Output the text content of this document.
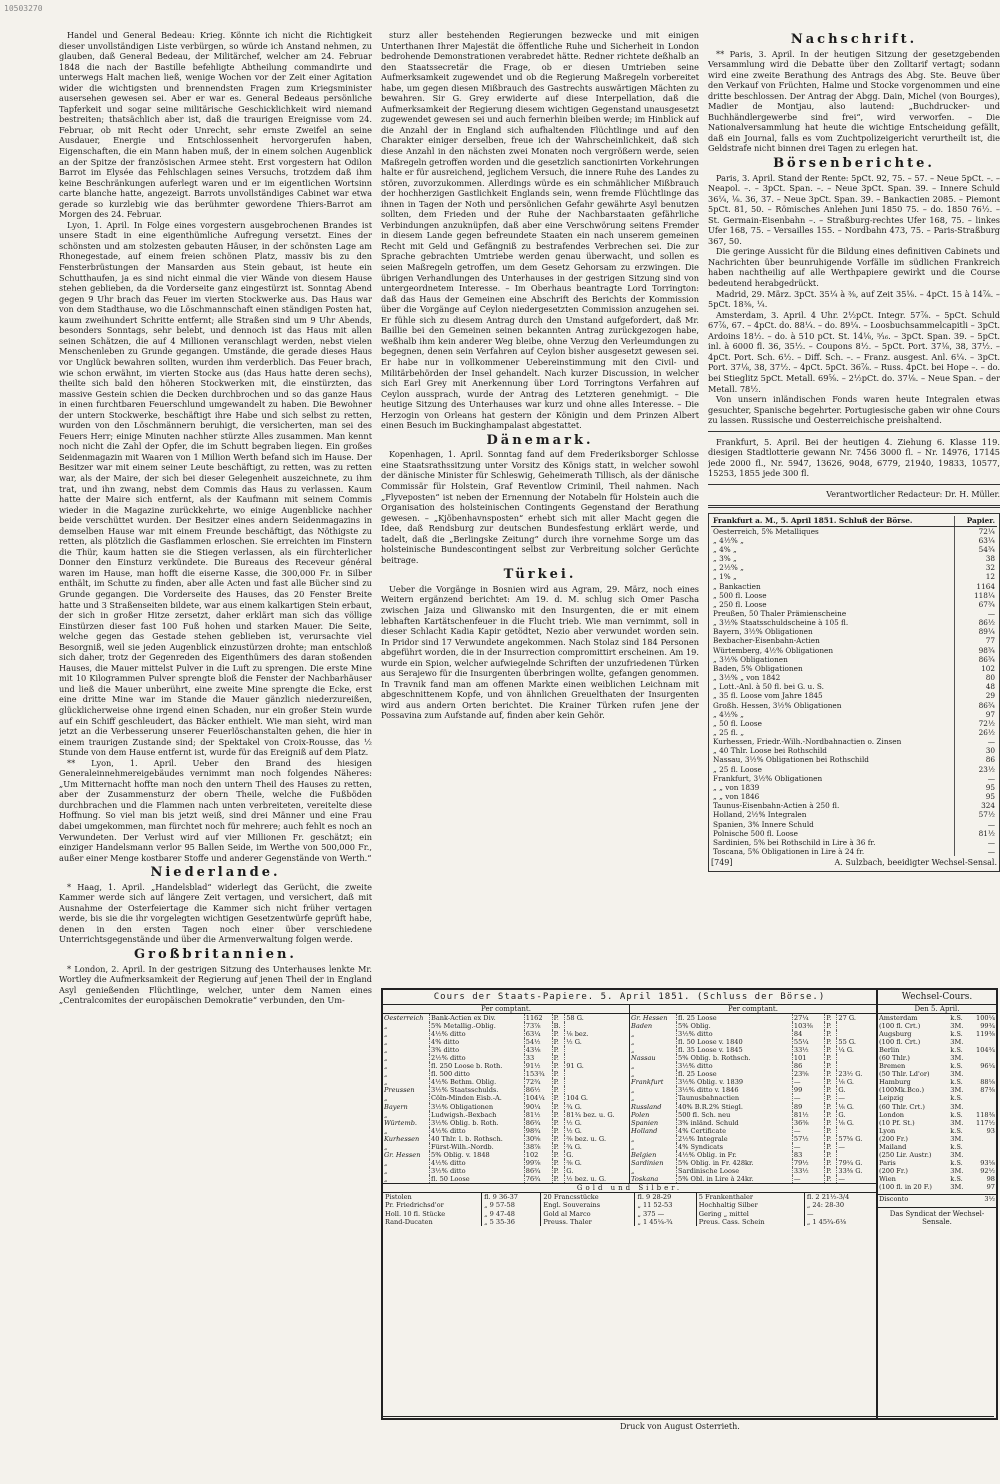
10503270

Handel und General Bedeau: Krieg. Könnte ich nicht die Richtigkeit dieser unvollständigen Liste verbürgen, so würde ich Anstand nehmen, zu glauben, daß General Bedeau, der Militärchef, welcher am 24. Februar 1848 die nach der Bastille befehligte Abtheilung commandirte und unterwegs Halt machen ließ, wenige Wochen vor der Zeit einer Agitation wider die wichtigsten und brennendsten Fragen zum Kriegsminister ausersehen gewesen sei. Aber er war es. General Bedeaus persönliche Tapferkeit und sogar seine militärische Geschicklichkeit wird niemand bestreiten; thatsächlich aber ist, daß die traurigen Ereignisse vom 24. Februar, ob mit Recht oder Unrecht, sehr ernste Zweifel an seine Ausdauer, Energie und Entschlossenheit hervorgerufen haben, Eigenschaften, die ein Mann haben muß, der in einem solchen Augenblick an der Spitze der französischen Armee steht. Erst vorgestern hat Odilon Barrot im Elysée das Fehlschlagen seines Versuchs, trotzdem daß ihm keine Beschränkungen auferlegt waren und er im eigentlichen Wortsinn carte blanche hatte, angezeigt. Barrots unvollständiges Cabinet war etwa gerade so kurzlebig wie das berühmter gewordene Thiers-Barrot am Morgen des 24. Februar.

Lyon, 1. April. In Folge eines vorgestern ausgebrochenen Brandes ist unsere Stadt in eine eigenthümliche Aufregung versetzt. Eines der schönsten und am stolzesten gebauten Häuser, in der schönsten Lage am Rhonegestade, auf einem freien schönen Platz, massiv bis zu den Fensterbrüstungen der Mansarden aus Stein gebaut, ist heute ein Schutthaufen, ja es sind nicht einmal die vier Wände von diesem Hause stehen geblieben, da die Vorderseite ganz eingestürzt ist. Sonntag Abend gegen 9 Uhr brach das Feuer im vierten Stockwerke aus. Das Haus war von dem Stadthause, wo die Löschmannschaft einen ständigen Posten hat, kaum zweihundert Schritte entfernt; alle Straßen sind um 9 Uhr Abends, besonders Sonntags, sehr belebt, und dennoch ist das Haus mit allen seinen Schätzen, die auf 4 Millionen veranschlagt werden, nebst vielen Menschenleben zu Grunde gegangen. Umstände, die gerade dieses Haus vor Unglück bewahren sollten, wurden ihm verderblich. Das Feuer brach, wie schon erwähnt, im vierten Stocke aus (das Haus hatte deren sechs), theilte sich bald den höheren Stockwerken mit, die einstürzten, das massive Gestein schien die Decken durchbrochen und so das ganze Haus in einen furchtbaren Feuerschlund umgewandelt zu haben. Die Bewohner der untern Stockwerke, beschäftigt ihre Habe und sich selbst zu retten, wurden von den Löschmännern beruhigt, die versicherten, man sei des Feuers Herr; einige Minuten nachher stürzte Alles zusammen. Man kennt noch nicht die Zahl der Opfer, die im Schutt begraben liegen. Ein großes Seidenmagazin mit Waaren von 1 Million Werth befand sich im Hause. Der Besitzer war mit einem seiner Leute beschäftigt, zu retten, was zu retten war, als der Maire, der sich bei dieser Gelegenheit auszeichnete, zu ihm trat, und ihn zwang, nebst dem Commis das Haus zu verlassen. Kaum hatte der Maire sich entfernt, als der Kaufmann mit seinem Commis wieder in die Magazine zurückkehrte, wo einige Augenblicke nachher beide verschüttet wurden. Der Besitzer eines andern Seidenmagazins in demselben Hause war mit einem Freunde beschäftigt, das Nöthigste zu retten, als plötzlich die Gasflammen erloschen. Sie erreichten im Finstern die Thür, kaum hatten sie die Stiegen verlassen, als ein fürchterlicher Donner den Einsturz verkündete. Die Bureaus des Receveur général waren im Hause, man hofft die eiserne Kasse, die 300,000 Fr. in Silber enthält, im Schutte zu finden, aber alle Acten und fast alle Bücher sind zu Grunde gegangen. Die Vorderseite des Hauses, das 20 Fenster Breite hatte und 3 Straßenseiten bildete, war aus einem kalkartigen Stein erbaut, der sich in großer Hitze zersetzt, daher erklärt man sich das völlige Einstürzen dieser fast 100 Fuß hohen und starken Mauer. Die Seite, welche gegen das Gestade stehen geblieben ist, verursachte viel Besorgniß, weil sie jeden Augenblick einzustürzen drohte; man entschloß sich daher, trotz der Gegenreden des Eigenthümers des daran stoßenden Hauses, die Mauer mittelst Pulver in die Luft zu sprengen. Die erste Mine mit 10 Kilogrammen Pulver sprengte bloß die Fenster der Nachbarhäuser und ließ die Mauer unberührt, eine zweite Mine sprengte die Ecke, erst eine dritte Mine war im Stande die Mauer gänzlich niederzureißen, glücklicherweise ohne irgend einen Schaden, nur ein großer Stein wurde auf ein Schiff geschleudert, das Bäcker enthielt. Wie man sieht, wird man jetzt an die Verbesserung unserer Feuerlöschanstalten gehen, die hier in einem traurigen Zustande sind; der Spektakel von Croix-Rousse, das ½ Stunde von dem Hause entfernt ist, wurde für das Ereigniß auf dem Platz.

** Lyon, 1. April. Ueber den Brand des hiesigen Generaleinnehmereigebäudes vernimmt man noch folgendes Näheres: „Um Mitternacht hoffte man noch den untern Theil des Hauses zu retten, aber der Zusammensturz der obern Theile, welche die Fußböden durchbrachen und die Flammen nach unten verbreiteten, vereitelte diese Hoffnung. So viel man bis jetzt weiß, sind drei Männer und eine Frau dabei umgekommen, man fürchtet noch für mehrere; auch fehlt es noch an Verwundeten. Der Verlust wird auf vier Millionen Fr. geschätzt; ein einziger Handelsmann verlor 95 Ballen Seide, im Werthe von 500,000 Fr., außer einer Menge kostbarer Stoffe und anderer Gegenstände von Werth.“

Niederlande.

* Haag, 1. April. „Handelsblad“ widerlegt das Gerücht, die zweite Kammer werde sich auf längere Zeit vertagen, und versichert, daß mit Ausnahme der Osterfeiertage die Kammer sich nicht früher vertagen werde, bis sie die ihr vorgelegten wichtigen Gesetzentwürfe geprüft habe, denen in den ersten Tagen noch einer über verschiedene Unterrichtsgegenstände und über die Armenverwaltung folgen werde.

Großbritannien.

* London, 2. April. In der gestrigen Sitzung des Unterhauses lenkte Mr. Wortley die Aufmerksamkeit der Regierung auf jenen Theil der in England Asyl genießenden Flüchtlinge, welcher, unter dem Namen eines „Centralcomites der europäischen Demokratie“ verbunden, den Um-

sturz aller bestehenden Regierungen bezwecke und mit einigen Unterthanen Ihrer Majestät die öffentliche Ruhe und Sicherheit in London bedrohende Demonstrationen verabredet hätte. Redner richtete deßhalb an den Staatssecretär die Frage, ob er diesen Umtrieben seine Aufmerksamkeit zugewendet und ob die Regierung Maßregeln vorbereitet habe, um gegen diesen Mißbrauch des Gastrechts auswärtigen Mächten zu bewahren. Sir G. Grey erwiderte auf diese Interpellation, daß die Aufmerksamkeit der Regierung diesem wichtigen Gegenstand unausgesetzt zugewendet gewesen sei und auch fernerhin bleiben werde; im Hinblick auf die Anzahl der in England sich aufhaltenden Flüchtlinge und auf den Charakter einiger derselben, freue ich der Wahrscheinlichkeit, daß sich diese Anzahl in den nächsten zwei Monaten noch vergrößern werde, seien Maßregeln getroffen worden und die gesetzlich sanctionirten Vorkehrungen halte er für ausreichend, jeglichem Versuch, die innere Ruhe des Landes zu stören, zuvorzukommen. Allerdings würde es ein schmählicher Mißbrauch der hochherzigen Gastlichkeit Englands sein, wenn fremde Flüchtlinge das ihnen in Tagen der Noth und persönlichen Gefahr gewährte Asyl benutzen sollten, dem Frieden und der Ruhe der Nachbarstaaten gefährliche Verbindungen anzuknüpfen, daß aber eine Verschwörung seitens Fremder in diesem Lande gegen befreundete Staaten ein nach unserem gemeinen Recht mit Geld und Gefängniß zu bestrafendes Verbrechen sei. Die zur Sprache gebrachten Umtriebe werden genau überwacht, und sollen es seien Maßregeln getroffen, um dem Gesetz Gehorsam zu erzwingen. Die übrigen Verhandlungen des Unterhauses in der gestrigen Sitzung sind von untergeordnetem Interesse. – Im Oberhaus beantragte Lord Torrington: daß das Haus der Gemeinen eine Abschrift des Berichts der Kommission über die Vorgänge auf Ceylon niedergesetzten Commission anzugehen sei. Er fühle sich zu diesem Antrag durch den Umstand aufgefordert, daß Mr. Baillie bei den Gemeinen seinen bekannten Antrag zurückgezogen habe, weßhalb ihm kein anderer Weg bleibe, ohne Verzug den Verleumdungen zu begegnen, denen sein Verfahren auf Ceylon bisher ausgesetzt gewesen sei. Er habe nur in vollkommener Uebereinstimmung mit den Civil- und Militärbehörden der Insel gehandelt. Nach kurzer Discussion, in welcher sich Earl Grey mit Anerkennung über Lord Torringtons Verfahren auf Ceylon aussprach, wurde der Antrag des Letzteren genehmigt. – Die heutige Sitzung des Unterhauses war kurz und ohne alles Interesse. – Die Herzogin von Orleans hat gestern der Königin und dem Prinzen Albert einen Besuch im Buckinghampalast abgestattet.

Dänemark.

Kopenhagen, 1. April. Sonntag fand auf dem Frederiksborger Schlosse eine Staatsrathssitzung unter Vorsitz des Königs statt, in welcher sowohl der dänische Minister für Schleswig, Geheimerath Tillisch, als der dänische Commissär für Holstein, Graf Reventlow Criminil, Theil nahmen. Nach „Flyveposten“ ist neben der Ernennung der Notabeln für Holstein auch die Organisation des holsteinischen Contingents Gegenstand der Berathung gewesen. – „Kjöbenhavnsposten“ erhebt sich mit aller Macht gegen die Idee, daß Rendsburg zur deutschen Bundesfestung erklärt werde, und tadelt, daß die „Berlingske Zeitung“ durch ihre vornehme Sorge um das holsteinische Bundescontingent selbst zur Verbreitung solcher Gerüchte beitrage.

Türkei.

Ueber die Vorgänge in Bosnien wird aus Agram, 29. März, noch eines Weitern ergänzend berichtet: Am 19. d. M. schlug sich Omer Pascha zwischen Jaiza und Gliwansko mit den Insurgenten, die er mit einem lebhaften Kartätschenfeuer in die Flucht trieb. Wie man vernimmt, soll in dieser Schlacht Kadia Kapir getödtet, Nezio aber verwundet worden sein. In Pridor sind 17 Verwundete angekommen. Nach Stolaz sind 184 Personen abgeführt worden, die in der Insurrection compromittirt erscheinen. Am 19. wurde ein Spion, welcher aufwiegelnde Schriften der unzufriedenen Türken aus Serajewo für die Insurgenten überbringen wollte, gefangen genommen. In Travnik fand man am offenen Markte einen weiblichen Leichnam mit abgeschnittenem Kopfe, und von ähnlichen Greuelthaten der Insurgenten wird aus andern Orten berichtet. Die Krainer Türken rufen jene der Possavina zum Aufstande auf, finden aber kein Gehör.

Nachschrift.

** Paris, 3. April. In der heutigen Sitzung der gesetzgebenden Versammlung wird die Debatte über den Zolltarif vertagt; sodann wird eine zweite Berathung des Antrags des Abg. Ste. Beuve über den Verkauf von Früchten, Halme und Stocke vorgenommen und eine dritte beschlossen. Der Antrag der Abgg. Dain, Michel (von Bourges), Madier de Montjau, also lautend: „Buchdrucker- und Buchhändlergewerbe sind frei“, wird verworfen. – Die Nationalversammlung hat heute die wichtige Entscheidung gefällt, daß ein Journal, falls es vom Zuchtpolizeigericht verurtheilt ist, die Geldstrafe nicht binnen drei Tagen zu erlegen hat.

Börsenberichte.

Paris, 3. April. Stand der Rente: 5pCt. 92, 75. – 57. – Neue 5pCt. –. – Neapol. –. – 3pCt. Span. –. – Neue 3pCt. Span. 39. – Innere Schuld 36¼, ⅛. 36, 37. – Neue 3pCt. Span. 39. – Bankactien 2085. – Piemont 5pCt. 81, 50. – Römisches Anlehen Juni 1850 75. – do. 1850 76½. – St. Germain-Eisenbahn –. – Straßburg-rechtes Ufer 168, 75. – linkes Ufer 168, 75. – Versailles 155. – Nordbahn 473, 75. – Paris-Straßburg 367, 50.

Die geringe Aussicht für die Bildung eines definitiven Cabinets und Nachrichten über beunruhigende Vorfälle im südlichen Frankreich haben nachtheilig auf alle Werthpapiere gewirkt und die Course bedeutend herabgedrückt.

Madrid, 29. März. 3pCt. 35¼ à ⅜, auf Zeit 35⅛. – 4pCt. 15 à 14⅞. – 5pCt. 18⅜, ¼.

Amsterdam, 3. April. 4 Uhr. 2½pCt. Integr. 57⅞. – 5pCt. Schuld 67⅞, 67. – 4pCt. do. 88¼. – do. 89¼. – Loosbuchsammelcapitli – 3pCt. Ardoins 18½. – do. à 510 pCt. St. 14⅛, ⁵⁄₁₆. – 3pCt. Span. 39. – 5pCt. inl. à 6000 fl. 36, 35½. – Coupons 8½. – 5pCt. Port. 37⅛, 38, 37½. – 4pCt. Port. Sch. 6½. – Diff. Sch. –. – Franz. ausgest. Anl. 6¼. – 3pCt. Port. 37⅛, 38, 37½. – 4pCt. 5pCt. 36⅞. – Russ. 4pCt. bei Hope –. – do. bei Stieglitz 5pCt. Metall. 69⅝. – 2½pCt. do. 37⅛. – Neue Span. – der Metall. 78½.

Von unsern inländischen Fonds waren heute Integralen etwas gesuchter, Spanische begehrter. Portugiesische gaben wir ohne Cours zu lassen. Russische und Oesterreichische preishaltend.

Frankfurt, 5. April. Bei der heutigen 4. Ziehung 6. Klasse 119. diesigen Stadtlotterie gewann Nr. 7456 3000 fl. – Nr. 14976, 17145 jede 2000 fl., Nr. 5947, 13626, 9048, 6779, 21940, 19833, 10577, 15253, 1855 jede 300 fl.

Verantwortlicher Redacteur: Dr. H. Müller.
Frankfurt a. M., 5. April 1851. Schluß der Börse.	Papier.
Oesterreich, 5% Metalliques	72¼
„ 4½% „	63¼
„ 4% „	54¾
„ 3% „	38
„ 2½% „	32
„ 1% „	12
„ Bankactien	1164
„ 500 fl. Loose	118¼
„ 250 fl. Loose	67¾
Preußen, 50 Thaler Prämienscheine	—
„ 3½% Staatsschuldscheine à 105 fl.	86½
Bayern, 3½% Obligationen	89¼
Bexbacher-Eisenbahn-Actien	77
Würtemberg, 4½% Obligationen	98¾
„ 3½% Obligationen	86¾
Baden, 5% Obligationen	102
„ 3½% „ von 1842	80
„ Lott.-Anl. à 50 fl. bei G. u. S.	48
„ 35 fl. Loose vom Jahre 1845	29
Großh. Hessen, 3½% Obligationen	86¾
„ 4½% „	97
„ 50 fl. Loose	72½
„ 25 fl. „	26½
Kurhessen, Friedr.-Wilh.-Nordbahnactien o. Zinsen	—
„ 40 Thlr. Loose bei Rothschild	30
Nassau, 3½% Obligationen bei Rothschild	86
„ 25 fl. Loose	23½
Frankfurt, 3½% Obligationen	—
„ „ von 1839	95
„ „ von 1846	95
Taunus-Eisenbahn-Actien à 250 fl.	324
Holland, 2½% Integralen	57½
Spanien, 3% Innere Schuld	—
Polnische 500 fl. Loose	81½
Sardinien, 5% bei Rothschild in Lire à 36 fr.	—
Toscana, 5% Obligationen in Lire à 24 fr.	—
[749]	A. Sulzbach, beeidigter Wechsel-Sensal.
Cours der Staats-Papiere. 5. April 1851. (Schluss der Börse.)
Per comptant.
Oesterreich	Bank-Actien ex Div.	1162	P.	58 G.
„	5% Metallig.-Oblig.	73⅞	B.	
„	4½% ditto	63¼	P.	⅛ bez.
„	4% ditto	54½	P.	½ G.
„	3% ditto	43⅛	P.	
„	2½% ditto	33	P.	
„	fl. 250 Loose b. Roth.	91½	P.	91 G.
„	fl. 500 ditto	153¾	P.	
„	4½% Bethm. Oblig.	72¾	P.	
Preussen	3½% Staatsschulds.	86½	P.	
„	Cöln-Minden Eisb.-A.	104¼	P.	104 G.
Bayern	3½% Obligationen	90¼	P.	¾ G.
„	Ludwigsh.-Bexbach	81½	P.	81¾ bez. u. G.
Würtemb.	3½% Oblig. b. Roth.	86¾	P.	½ G.
„	4½% ditto	98¾	P.	½ G.
Kurhessen	40 Thlr. l. b. Rothsch.	30⅝	P.	⅜ bez. u. G.
„	Fürst-Wilh.-Nordb.	38⅞	P.	¾ G.
Gr. Hessen	5% Oblig. v. 1848	102	P.	G.
„	4½% ditto	99⅞	P.	⅜ G.
„	3½% ditto	86¾	P.	G.
„	fl. 50 Loose	76¾	P.	½ bez. u. G.
Per comptant.
Gr. Hessen	fl. 25 Loose	27¼	P.	27 G.
Baden	5% Oblig.	103⅜	P.	
„	3½% ditto	84	P.	
„	fl. 50 Loose v. 1840	55¼	P.	55 G.
„	fl. 35 Loose v. 1845	33½	P.	¼ G.
Nassau	5% Oblig. b. Rothsch.	101	P.	
„	3½% ditto	86	P.	
„	fl. 25 Loose	23⅝	P.	23½ G.
Frankfurt	3½% Oblig. v. 1839	—	P.	⅛ G.
„	3½% ditto v. 1846	99	P.	G.
„	Taunusbahnactien	—	P.	—
Russland	40% B.R.2% Stiegl.	89	P.	⅛ G.
Polen	500 fl. Sch. neu	81½	P.	G.
Spanien	3% inländ. Schuld	36⅜	P.	⅛ G.
Holland	4% Certificate	—	P.	
„	2½% Integrale	57½	P.	57⅝ G.
„	4% Syndicats	—	P.	—
Belgien	4½% Oblig. in Fr.	83	P.	
Sardinien	5% Oblig. in Fr. 428kr.	79½	P.	79¼ G.
„	Sardinische Loose	33½	P.	33⅜ G.
Toskana	5% Obl. in Lire à 24kr.	—	P.	—
Gold und Silber.
Pistolen	fl. 9 36-37	20 Francsstücke	fl. 9 28-29	5 Frankenthaler	fl. 2 21½-3/4
Pr. Friedrichsd'or	„ 9 57-58	Engl. Souverains	„ 11 52-53	Hochhaltig Silber	„ 24: 28-30
Holl. 10 fl. Stücke	„ 9 47-48	Gold al Marco	„ 375 —	Gering „ mittel	—
Rand-Ducaten	„ 5 35-36	Preuss. Thaler	„ 1 45¼-¾	Preus. Cass. Schein	„ 1 45¾-6⅛
Wechsel-Cours.
Den 5. April.
Amsterdam	k.S.	100¼
(100 fl. Crt.)	3M.	99¾
Augsburg	k.S.	119⅜
(100 fl. Crt.)	3M.	
Berlin	k.S.	104¾
(60 Thlr.)	3M.	
Bremen	k.S.	96¼
(50 Thlr. Ld'or)	3M.	
Hamburg	k.S.	88⅛
(100Mk.Bco.)	3M.	87⅜
Leipzig	k.S.	
(60 Thlr. Crt.)	3M.	
London	k.S.	118⅜
(10 Pf. St.)	3M.	117½
Lyon	k.S.	93
(200 Fr.)	3M.	
Mailand	k.S.	
(250 Lir. Austr.)	3M.	
Paris	k.S.	93⅛
(200 Fr.)	3M.	92½
Wien	k.S.	98
(100 fl. in 20 F.)	3M.	97
Disconto	3½
Das Syndicat der Wechsel-Sensale.
Druck von August Osterrieth.
